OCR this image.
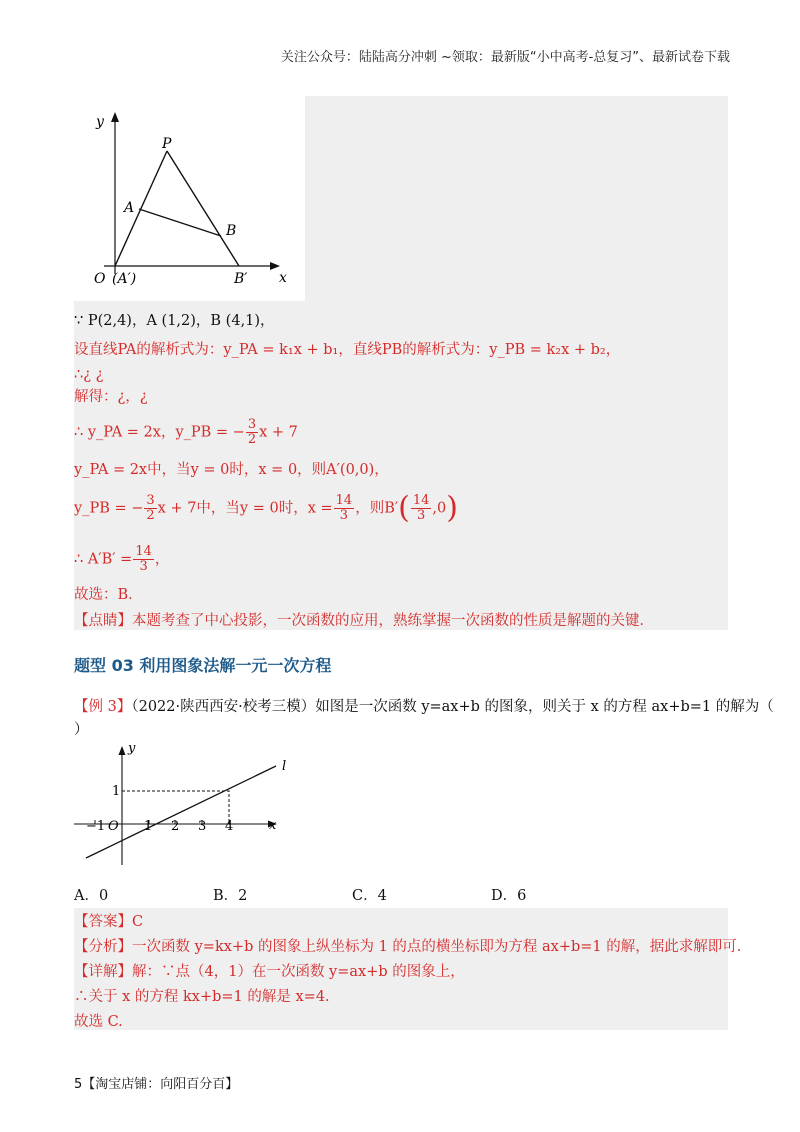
关注公众号：陆陆高分冲刺 ~领取：最新版“小中高考-总复习”、最新试卷下载
y
x
O (A′)	B′
P
A
B
∵ P(2,4)，A (1,2)，B (4,1)，
设直线PA的解析式为：y_PA = k₁x + b₁，直线PB的解析式为：y_PB = k₂x + b₂，
∴¿ ¿
解得：¿，¿
∴ y_PA = 2x，y_PB = − $\frac{3}{2}$ x + 7
y_PA = 2x中，当y = 0时，x = 0，则A′(0,0)，
y_PB = − $\frac{3}{2}$ x + 7中，当y = 0时，$x = \frac{14}{3}$ ，则$B'( \frac{14}{3} ,0)$
∴ $A'B' = \frac{14}{3}$ ，
故选：B．
【点睛】本题考查了中心投影，一次函数的应用，熟练掌握一次函数的性质是解题的关键．
题型 03 利用图象法解一元一次方程
【例 3】（2022·陕西西安·校考三模）如图是一次函数 y=ax+b 的图象，则关于 x 的方程 ax+b=1 的解为（
）
y
x
l
O
1
−1	1 2 3 4
A．0	B．2	C．4	D．6
【答案】C
【分析】一次函数 y=kx+b 的图象上纵坐标为 1 的点的横坐标即为方程 ax+b=1 的解，据此求解即可.
【详解】解：∵点（4，1）在一次函数 y=ax+b 的图象上，
∴关于 x 的方程 kx+b=1 的解是 x=4.
故选 C.
5【淘宝店铺：向阳百分百】
